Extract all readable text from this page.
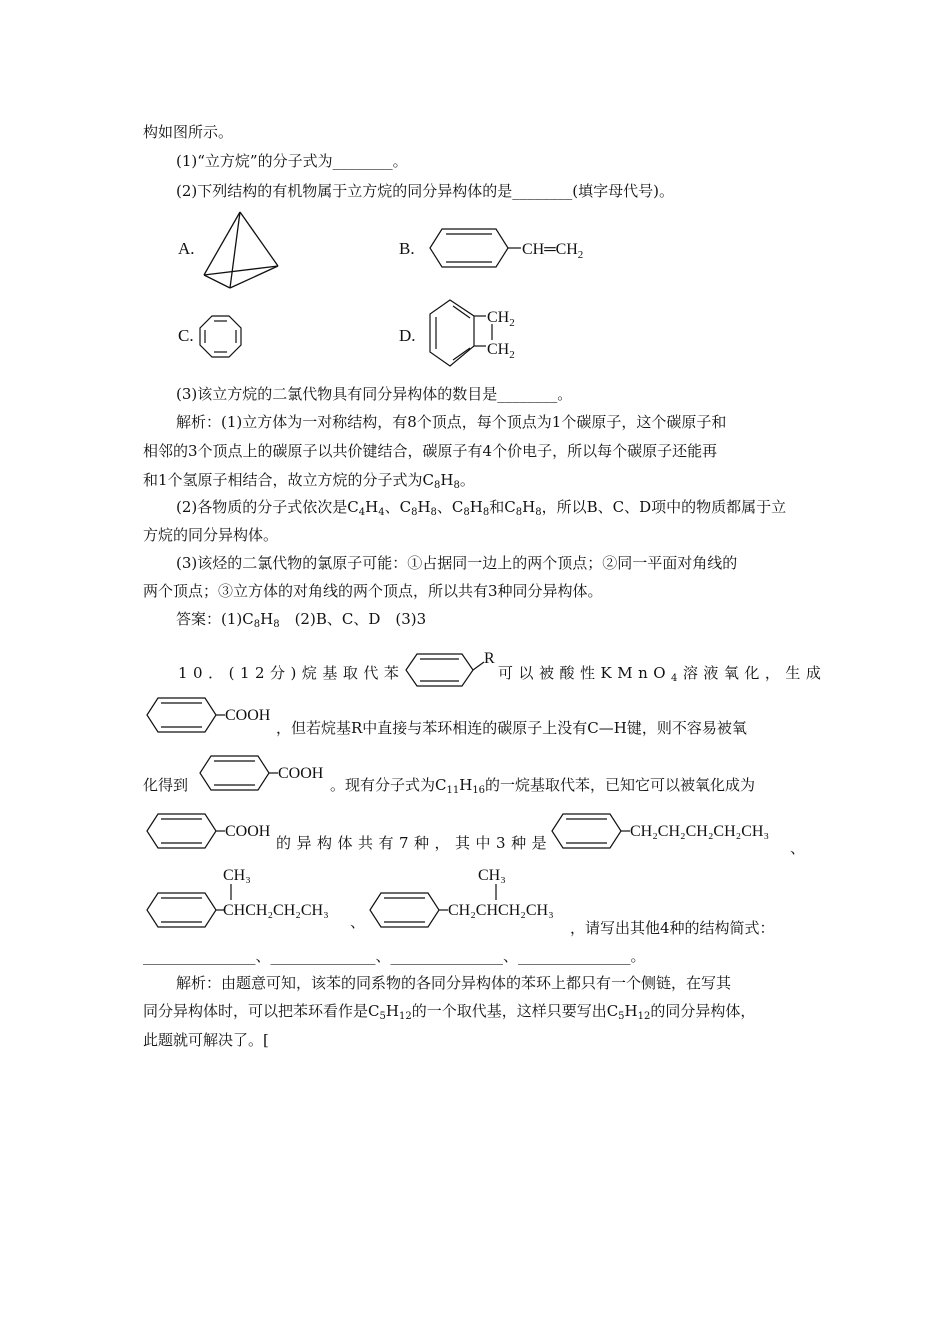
构如图所示。
(1)“立方烷”的分子式为________。
(2)下列结构的有机物属于立方烷的同分异构体的是________(填字母代号)。
A.	B.	$CH═CH_2$
C.	D.
$CH_2$
$CH_2$
(3)该立方烷的二氯代物具有同分异构体的数目是________。
解析：(1)立方体为一对称结构，有8个顶点，每个顶点为1个碳原子，这个碳原子和
相邻的3个顶点上的碳原子以共价键结合，碳原子有4个价电子，所以每个碳原子还能再
和1个氢原子相结合，故立方烷的分子式为$C_8H_8$。
(2)各物质的分子式依次是$C_4H_4$、$C_8H_8$、$C_8H_8$和$C_8H_8$，所以B、C、D项中的物质都属于立
方烷的同分异构体。
(3)该烃的二氯代物的氯原子可能：①占据同一边上的两个顶点；②同一平面对角线的
两个顶点；③立方体的对角线的两个顶点，所以共有3种同分异构体。
答案：$(1)C_8H_8$　(2)B、C、D　(3)3
10．(12分)烷基取代苯
R
可以被酸性KMnO$_4$溶液氧化，生成
COOH
，但若烷基R中直接与苯环相连的碳原子上没有C—H键，则不容易被氧
化得到
COOH
。现有分子式为$C_{11}H_{16}$的一烷基取代苯，已知它可以被氧化成为
COOH
的异构体共有7种，其中3种是
CH₂CH₂CH₂CH₂CH₃
、
CH₃
CHCH₂CH₂CH₃
、
CH₃
CH₂CHCH₂CH₃
，请写出其他4种的结构简式：
_______________、______________、_______________、_______________。
解析：由题意可知，该苯的同系物的各同分异构体的苯环上都只有一个侧链，在写其
同分异构体时，可以把苯环看作是$C_5H_{12}$的一个取代基，这样只要写出$C_5H_{12}$的同分异构体，
此题就可解决了。[
